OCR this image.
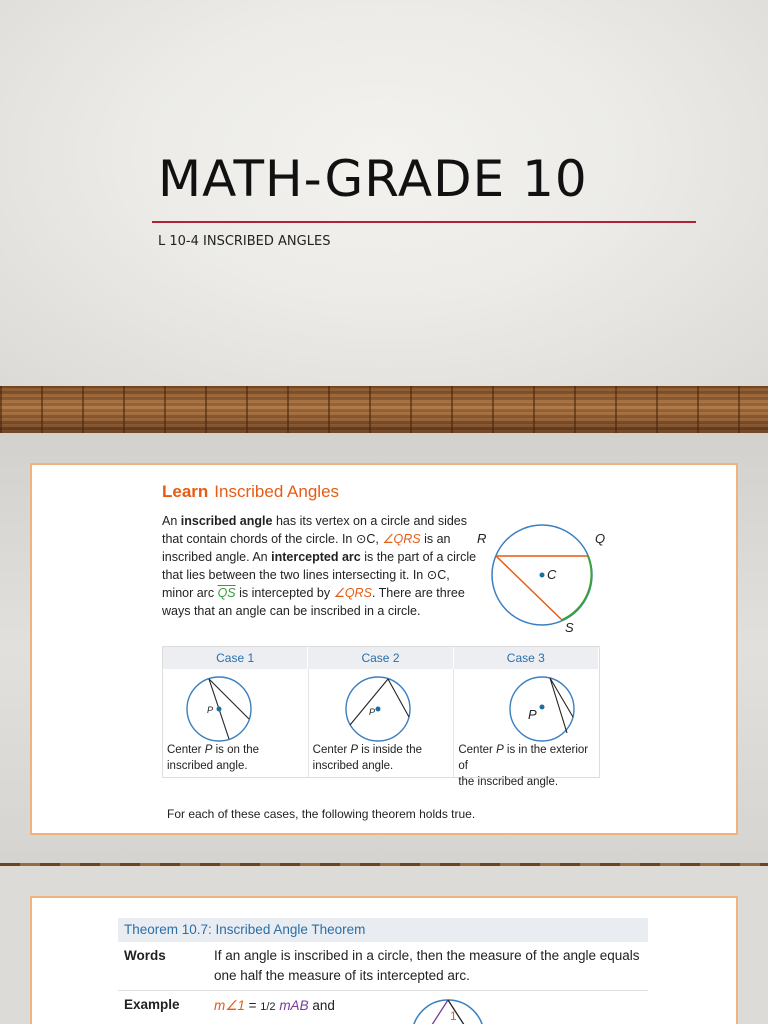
MATH-GRADE 10
L 10-4 INSCRIBED ANGLES
Learn Inscribed Angles
An inscribed angle has its vertex on a circle and sides that contain chords of the circle. In ⊙C, ∠QRS is an inscribed angle. An intercepted arc is the part of a circle that lies between the two lines intersecting it. In ⊙C, minor arc $\overline{QS}$ is intercepted by ∠QRS. There are three ways that an angle can be inscribed in a circle.
R	Q
S
C
Case 1	Case 2	Case 3
P
Center P is on the
inscribed angle.
P
Center P is inside the
inscribed angle.
P
Center P is in the exterior of
the inscribed angle.
For each of these cases, the following theorem holds true.
Theorem 10.7: Inscribed Angle Theorem
Words	If an angle is inscribed in a circle, then the measure of the angle equals one half the measure of its intercepted arc.
Example	m∠1 = 1/2 mAB and
1
